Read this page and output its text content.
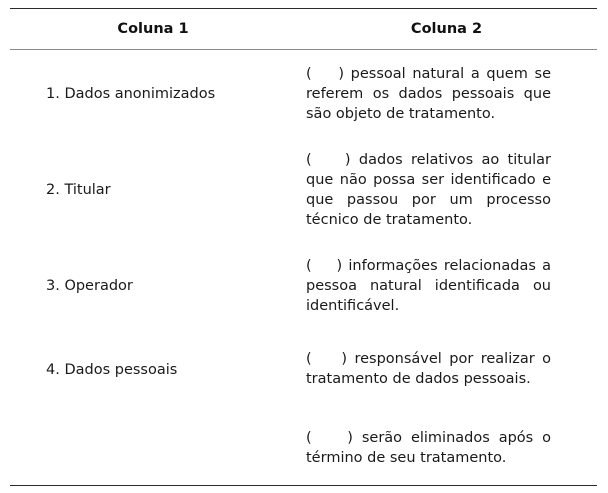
Coluna 1	Coluna 2
1. Dados anonimizados
(    ) pessoal natural a quem se referem os dados pessoais que são objeto de tratamento.
2. Titular
(    ) dados relativos ao titular que não possa ser identificado e que passou por um processo técnico de tratamento.
3. Operador
(    ) informações relacionadas a pessoa natural identificada ou identificável.
4. Dados pessoais
(    ) responsável por realizar o tratamento de dados pessoais.
(    ) serão eliminados após o término de seu tratamento.
